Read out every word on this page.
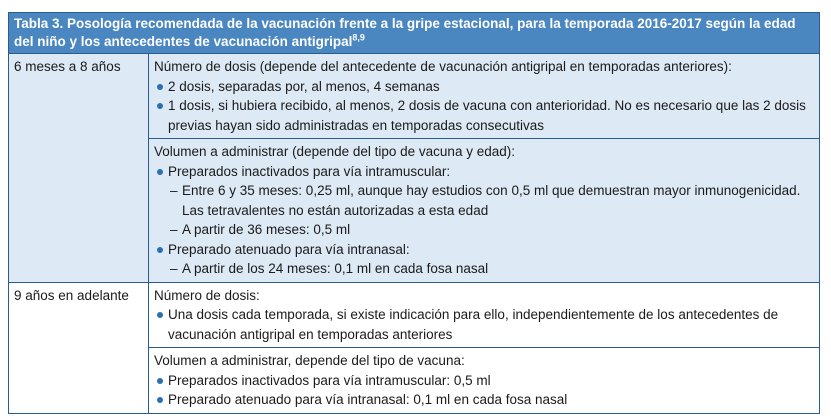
Tabla 3. Posología recomendada de la vacunación frente a la gripe estacional, para la temporada 2016-2017 según la edad del niño y los antecedentes de vacunación antigripal$^{8,9}$
6 meses a 8 años	Número de dosis (depende del antecedente de vacunación antigripal en temporadas anteriores):
2 dosis, separadas por, al menos, 4 semanas
1 dosis, si hubiera recibido, al menos, 2 dosis de vacuna con anterioridad. No es necesario que las 2 dosis previas hayan sido administradas en temporadas consecutivas
Volumen a administrar (depende del tipo de vacuna y edad):
Preparados inactivados para vía intramuscular:
– Entre 6 y 35 meses: 0,25 ml, aunque hay estudios con 0,5 ml que demuestran mayor inmunogenicidad. Las tetravalentes no están autorizadas a esta edad
– A partir de 36 meses: 0,5 ml
Preparado atenuado para vía intranasal:
– A partir de los 24 meses: 0,1 ml en cada fosa nasal
9 años en adelante	Número de dosis:
Una dosis cada temporada, si existe indicación para ello, independientemente de los antecedentes de vacunación antigripal en temporadas anteriores
Volumen a administrar, depende del tipo de vacuna:
Preparados inactivados para vía intramuscular: 0,5 ml
Preparado atenuado para vía intranasal: 0,1 ml en cada fosa nasal
